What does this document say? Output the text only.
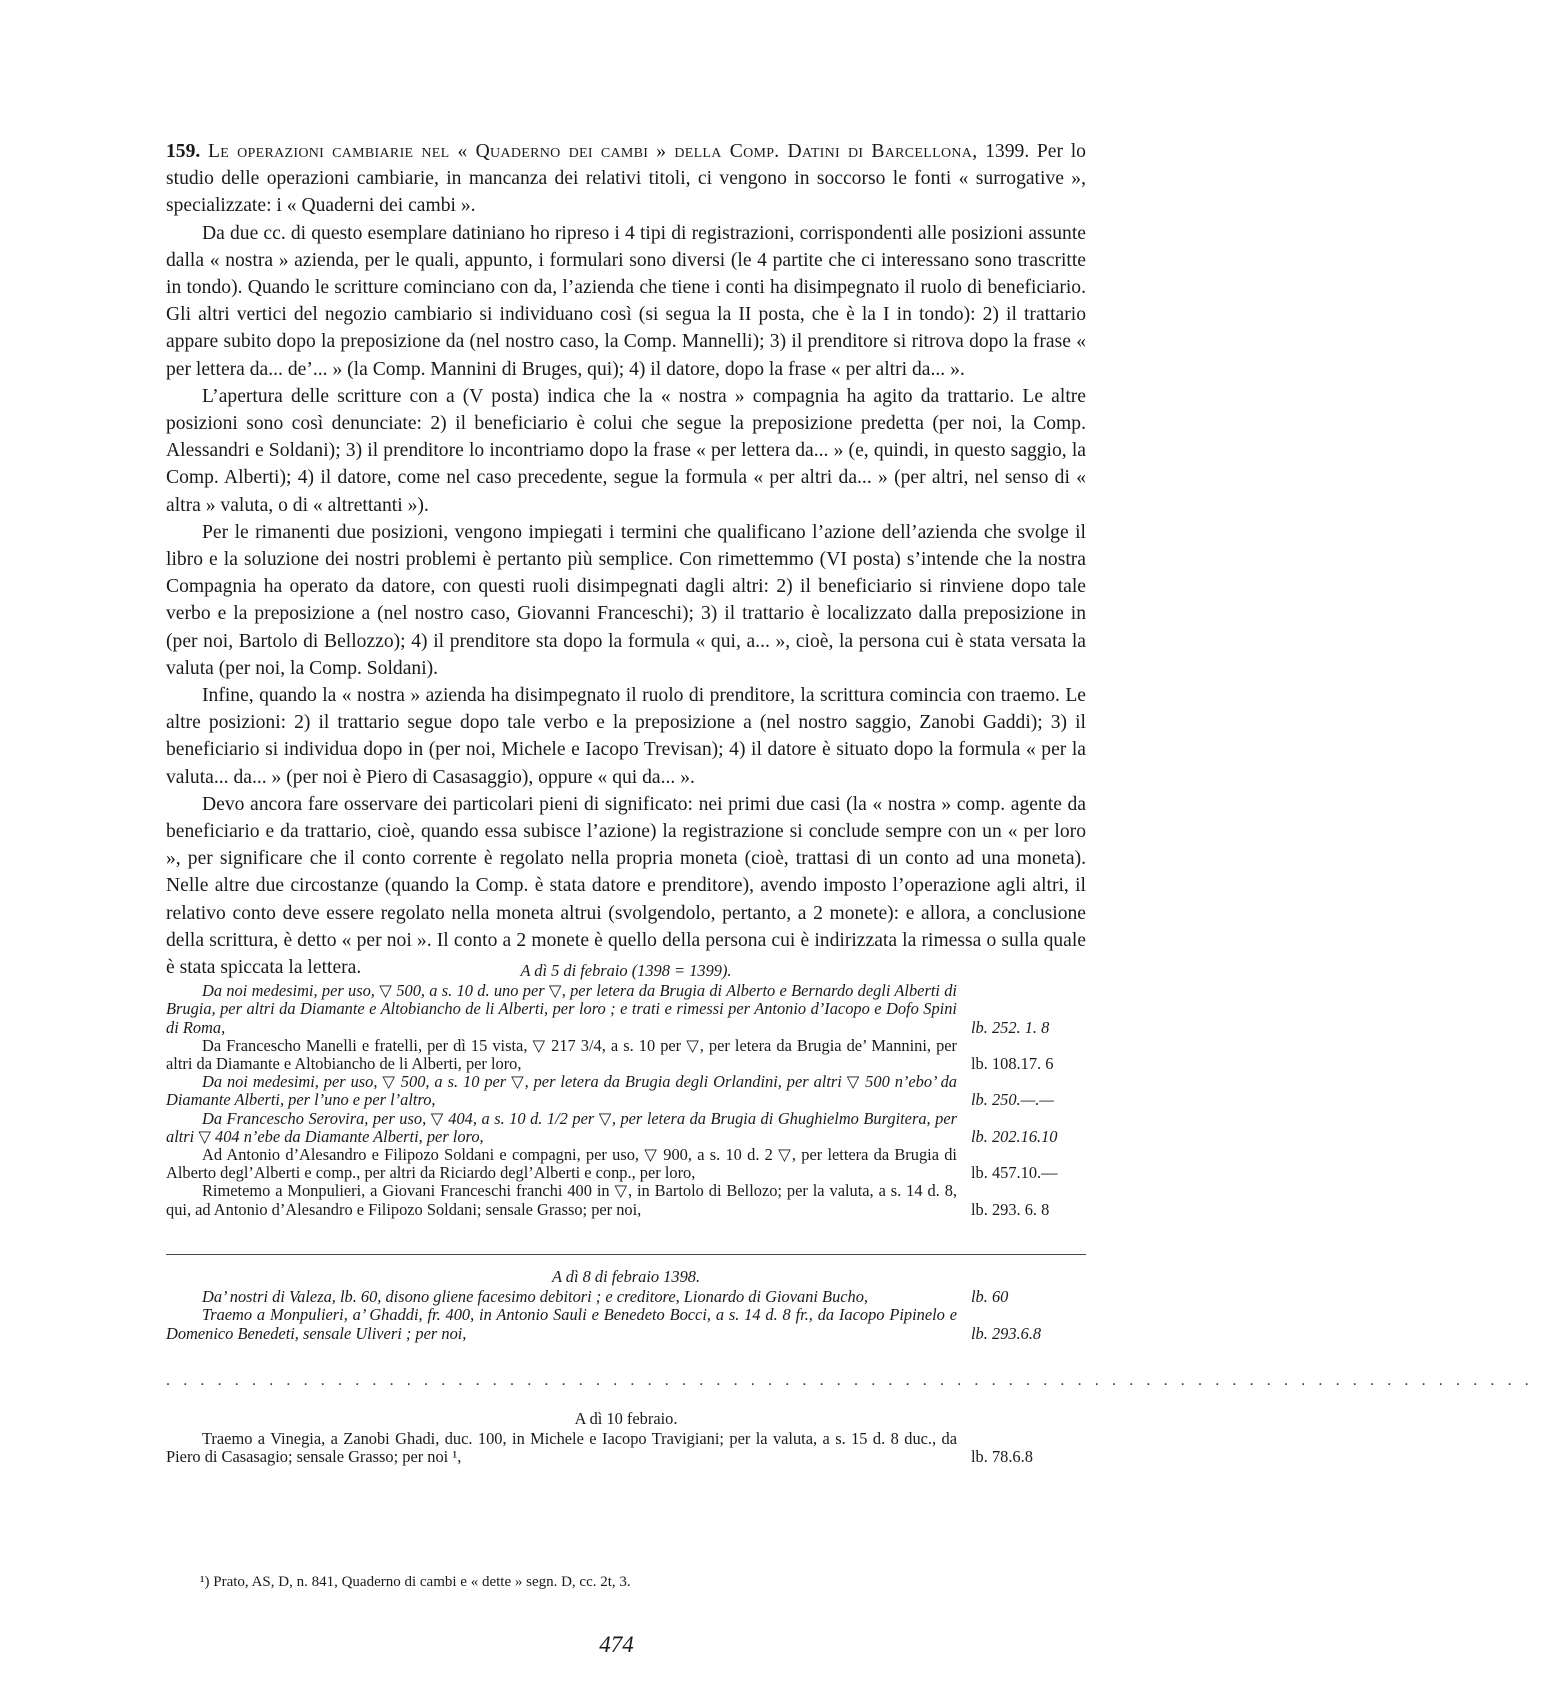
159. Le operazioni cambiarie nel « Quaderno dei cambi » della Comp. Datini di Barcellona, 1399. Per lo studio delle operazioni cambiarie, in mancanza dei relativi titoli, ci vengono in soccorso le fonti « surrogative », specializzate: i « Quaderni dei cambi ».

Da due cc. di questo esemplare datiniano ho ripreso i 4 tipi di registrazioni, corrispondenti alle posizioni assunte dalla « nostra » azienda, per le quali, appunto, i formulari sono diversi (le 4 partite che ci interessano sono trascritte in tondo). Quando le scritture cominciano con da, l’azienda che tiene i conti ha disimpegnato il ruolo di beneficiario. Gli altri vertici del negozio cambiario si individuano così (si segua la II posta, che è la I in tondo): 2) il trattario appare subito dopo la preposizione da (nel nostro caso, la Comp. Mannelli); 3) il prenditore si ritrova dopo la frase « per lettera da... de’... » (la Comp. Mannini di Bruges, qui); 4) il datore, dopo la frase « per altri da... ».

L’apertura delle scritture con a (V posta) indica che la « nostra » compagnia ha agito da trattario. Le altre posizioni sono così denunciate: 2) il beneficiario è colui che segue la preposizione predetta (per noi, la Comp. Alessandri e Soldani); 3) il prenditore lo incontriamo dopo la frase « per lettera da... » (e, quindi, in questo saggio, la Comp. Alberti); 4) il datore, come nel caso precedente, segue la formula « per altri da... » (per altri, nel senso di « altra » valuta, o di « altrettanti »).

Per le rimanenti due posizioni, vengono impiegati i termini che qualificano l’azione dell’azienda che svolge il libro e la soluzione dei nostri problemi è pertanto più semplice. Con rimettemmo (VI posta) s’intende che la nostra Compagnia ha operato da datore, con questi ruoli disimpegnati dagli altri: 2) il beneficiario si rinviene dopo tale verbo e la preposizione a (nel nostro caso, Giovanni Franceschi); 3) il trattario è localizzato dalla preposizione in (per noi, Bartolo di Bellozzo); 4) il prenditore sta dopo la formula « qui, a... », cioè, la persona cui è stata versata la valuta (per noi, la Comp. Soldani).

Infine, quando la « nostra » azienda ha disimpegnato il ruolo di prenditore, la scrittura comincia con traemo. Le altre posizioni: 2) il trattario segue dopo tale verbo e la preposizione a (nel nostro saggio, Zanobi Gaddi); 3) il beneficiario si individua dopo in (per noi, Michele e Iacopo Trevisan); 4) il datore è situato dopo la formula « per la valuta... da... » (per noi è Piero di Casasaggio), oppure « qui da... ».

Devo ancora fare osservare dei particolari pieni di significato: nei primi due casi (la « nostra » comp. agente da beneficiario e da trattario, cioè, quando essa subisce l’azione) la registrazione si conclude sempre con un « per loro », per significare che il conto corrente è regolato nella propria moneta (cioè, trattasi di un conto ad una moneta). Nelle altre due circostanze (quando la Comp. è stata datore e prenditore), avendo imposto l’operazione agli altri, il relativo conto deve essere regolato nella moneta altrui (svolgendolo, pertanto, a 2 monete): e allora, a conclusione della scrittura, è detto « per noi ». Il conto a 2 monete è quello della persona cui è indirizzata la rimessa o sulla quale è stata spiccata la lettera.	A dì 5 di febraio (1398 = 1399).
Da noi medesimi, per uso, ▽ 500, a s. 10 d. uno per ▽, per letera da Brugia di Alberto e Bernardo degli Alberti di Brugia, per altri da Diamante e Altobiancho de li Alberti, per loro ; e trati e rimessi per Antonio d’Iacopo e Dofo Spini di Roma,	lb. 252. 1. 8
Da Francescho Manelli e fratelli, per dì 15 vista, ▽ 217 3/4, a s. 10 per ▽, per letera da Brugia de’ Mannini, per altri da Diamante e Altobiancho de li Alberti, per loro,	lb. 108.17. 6
Da noi medesimi, per uso, ▽ 500, a s. 10 per ▽, per letera da Brugia degli Orlandini, per altri ▽ 500 n’ebo’ da Diamante Alberti, per l’uno e per l’altro,	lb. 250.—.—
Da Francescho Serovira, per uso, ▽ 404, a s. 10 d. 1/2 per ▽, per letera da Brugia di Ghughielmo Burgitera, per altri ▽ 404 n’ebe da Diamante Alberti, per loro,	lb. 202.16.10
Ad Antonio d’Alesandro e Filipozo Soldani e compagni, per uso, ▽ 900, a s. 10 d. 2 ▽, per lettera da Brugia di Alberto degl’Alberti e comp., per altri da Riciardo degl’Alberti e conp., per loro,	lb. 457.10.—
Rimetemo a Monpulieri, a Giovani Franceschi franchi 400 in ▽, in Bartolo di Bellozo; per la valuta, a s. 14 d. 8, qui, ad Antonio d’Alesandro e Filipozo Soldani; sensale Grasso; per noi,	lb. 293. 6. 8
A dì 8 di febraio 1398.
Da’ nostri di Valeza, lb. 60, disono gliene facesimo debitori ; e creditore, Lionardo di Giovani Bucho,	lb. 60
Traemo a Monpulieri, a’ Ghaddi, fr. 400, in Antonio Sauli e Benedeto Bocci, a s. 14 d. 8 fr., da Iacopo Pipinelo e Domenico Benedeti, sensale Uliveri ; per noi,	lb. 293.6.8
................................................................................
A dì 10 febraio.
Traemo a Vinegia, a Zanobi Ghadi, duc. 100, in Michele e Iacopo Travigiani; per la valuta, a s. 15 d. 8 duc., da Piero di Casasagio; sensale Grasso; per noi ¹,	lb. 78.6.8
¹) Prato, AS, D, n. 841, Quaderno di cambi e « dette » segn. D, cc. 2t, 3.
474
